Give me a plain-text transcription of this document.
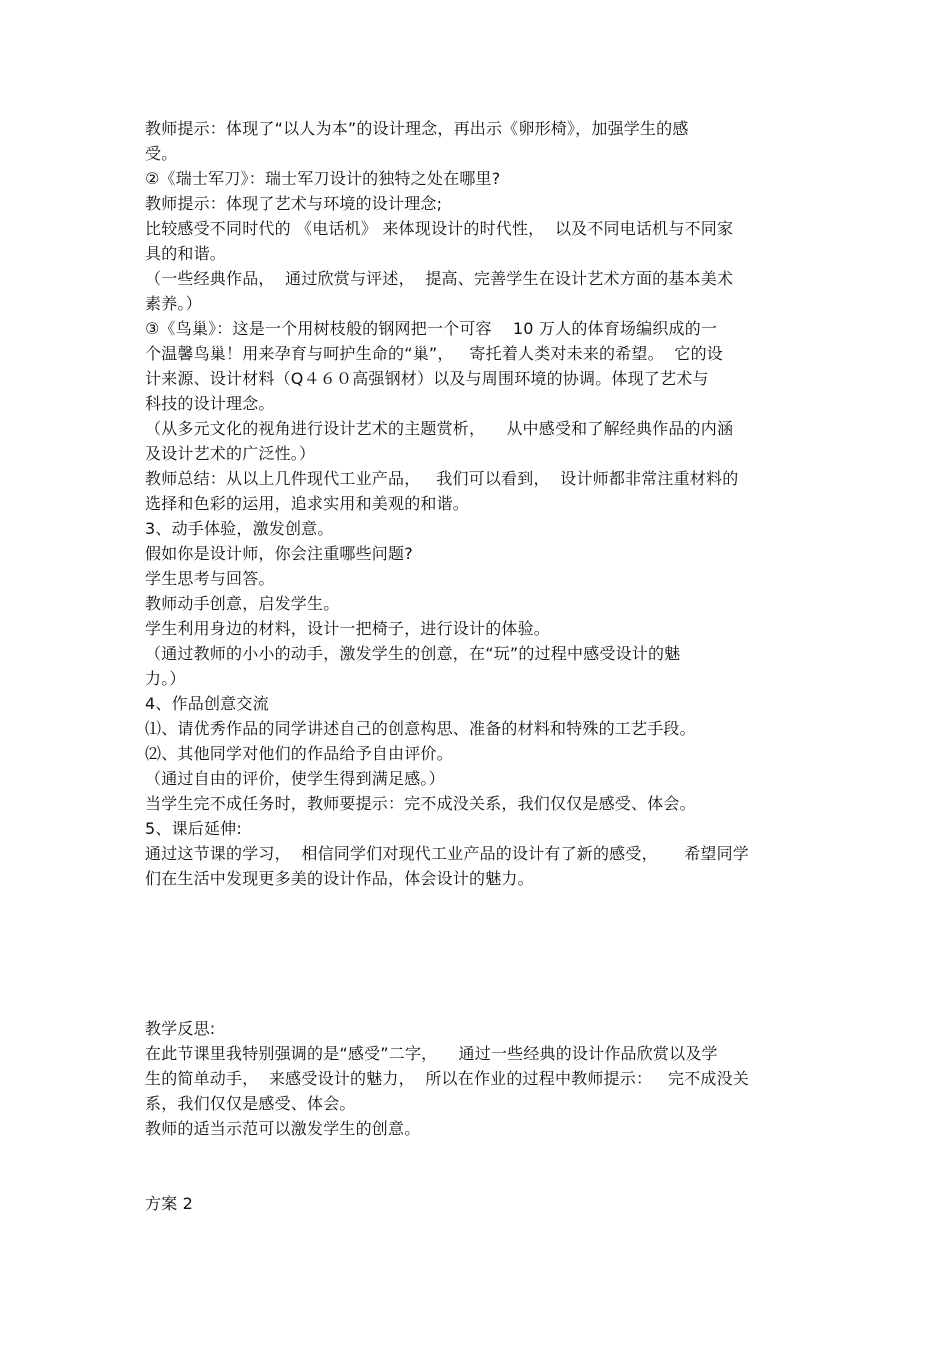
教师提示：体现了“以人为本”的设计理念，再出示《卵形椅》，加强学生的感

受。

②《瑞士军刀》：瑞士军刀设计的独特之处在哪里?

教师提示：体现了艺术与环境的设计理念;

比较感受不同时代的 《电话机》 来体现设计的时代性，  以及不同电话机与不同家

具的和谐。

（一些经典作品，  通过欣赏与评述，  提高、完善学生在设计艺术方面的基本美术

素养。）

③《鸟巢》：这是一个用树枝般的钢网把一个可容    10 万人的体育场编织成的一

个温馨鸟巢！用来孕育与呵护生命的“巢”，   寄托着人类对未来的希望。  它的设

计来源、设计材料（Q４６０高强钢材）以及与周围环境的协调。体现了艺术与

科技的设计理念。

（从多元文化的视角进行设计艺术的主题赏析，    从中感受和了解经典作品的内涵

及设计艺术的广泛性。）

教师总结：从以上几件现代工业产品，   我们可以看到，  设计师都非常注重材料的

选择和色彩的运用，追求实用和美观的和谐。

3、动手体验，激发创意。

假如你是设计师，你会注重哪些问题?

学生思考与回答。

教师动手创意，启发学生。

学生利用身边的材料，设计一把椅子，进行设计的体验。

（通过教师的小小的动手，激发学生的创意，在“玩”的过程中感受设计的魅

力。）

4、作品创意交流

⑴、请优秀作品的同学讲述自己的创意构思、准备的材料和特殊的工艺手段。

⑵、其他同学对他们的作品给予自由评价。

（通过自由的评价，使学生得到满足感。）

当学生完不成任务时，教师要提示：完不成没关系，我们仅仅是感受、体会。

5、课后延伸:

通过这节课的学习，  相信同学们对现代工业产品的设计有了新的感受，     希望同学

们在生活中发现更多美的设计作品，体会设计的魅力。

教学反思:

在此节课里我特别强调的是“感受”二字，    通过一些经典的设计作品欣赏以及学

生的简单动手，  来感受设计的魅力，  所以在作业的过程中教师提示：   完不成没关

系，我们仅仅是感受、体会。

教师的适当示范可以激发学生的创意。

方案 2
